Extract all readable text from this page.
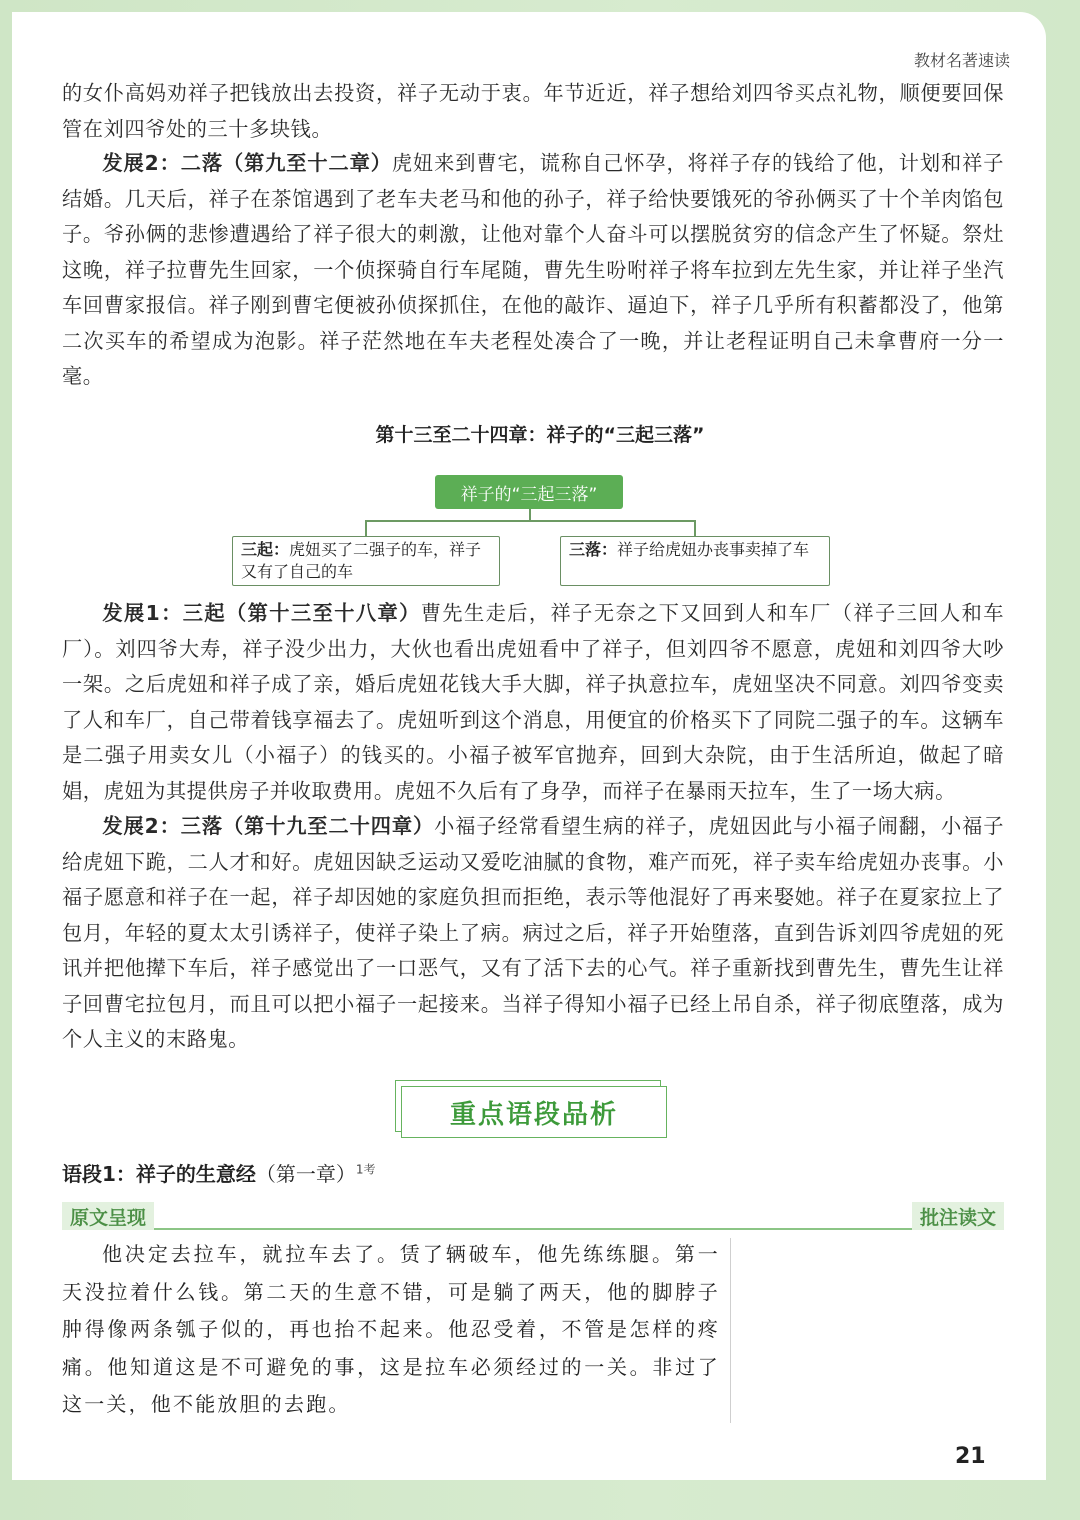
教材名著速读
的女仆高妈劝祥子把钱放出去投资，祥子无动于衷。年节近近，祥子想给刘四爷买点礼物，顺便要回保管在刘四爷处的三十多块钱。
发展2：二落（第九至十二章）虎妞来到曹宅，谎称自己怀孕，将祥子存的钱给了他，计划和祥子结婚。几天后，祥子在茶馆遇到了老车夫老马和他的孙子，祥子给快要饿死的爷孙俩买了十个羊肉馅包子。爷孙俩的悲惨遭遇给了祥子很大的刺激，让他对靠个人奋斗可以摆脱贫穷的信念产生了怀疑。祭灶这晚，祥子拉曹先生回家，一个侦探骑自行车尾随，曹先生吩咐祥子将车拉到左先生家，并让祥子坐汽车回曹家报信。祥子刚到曹宅便被孙侦探抓住，在他的敲诈、逼迫下，祥子几乎所有积蓄都没了，他第二次买车的希望成为泡影。祥子茫然地在车夫老程处凑合了一晚，并让老程证明自己未拿曹府一分一毫。
第十三至二十四章：祥子的“三起三落”
祥子的“三起三落”
三起：虎妞买了二强子的车，祥子又有了自己的车
三落：祥子给虎妞办丧事卖掉了车
发展1：三起（第十三至十八章）曹先生走后，祥子无奈之下又回到人和车厂（祥子三回人和车厂）。刘四爷大寿，祥子没少出力，大伙也看出虎妞看中了祥子，但刘四爷不愿意，虎妞和刘四爷大吵一架。之后虎妞和祥子成了亲，婚后虎妞花钱大手大脚，祥子执意拉车，虎妞坚决不同意。刘四爷变卖了人和车厂，自己带着钱享福去了。虎妞听到这个消息，用便宜的价格买下了同院二强子的车。这辆车是二强子用卖女儿（小福子）的钱买的。小福子被军官抛弃，回到大杂院，由于生活所迫，做起了暗娼，虎妞为其提供房子并收取费用。虎妞不久后有了身孕，而祥子在暴雨天拉车，生了一场大病。
发展2：三落（第十九至二十四章）小福子经常看望生病的祥子，虎妞因此与小福子闹翻，小福子给虎妞下跪，二人才和好。虎妞因缺乏运动又爱吃油腻的食物，难产而死，祥子卖车给虎妞办丧事。小福子愿意和祥子在一起，祥子却因她的家庭负担而拒绝，表示等他混好了再来娶她。祥子在夏家拉上了包月，年轻的夏太太引诱祥子，使祥子染上了病。病过之后，祥子开始堕落，直到告诉刘四爷虎妞的死讯并把他撵下车后，祥子感觉出了一口恶气，又有了活下去的心气。祥子重新找到曹先生，曹先生让祥子回曹宅拉包月，而且可以把小福子一起接来。当祥子得知小福子已经上吊自杀，祥子彻底堕落，成为个人主义的末路鬼。
重点语段品析
语段1：祥子的生意经（第一章）$^{1考}$
原文呈现	批注读文
他决定去拉车，就拉车去了。赁了辆破车，他先练练腿。第一天没拉着什么钱。第二天的生意不错，可是躺了两天，他的脚脖子肿得像两条瓠子似的，再也抬不起来。他忍受着，不管是怎样的疼痛。他知道这是不可避免的事，这是拉车必须经过的一关。非过了这一关，他不能放胆的去跑。
21
